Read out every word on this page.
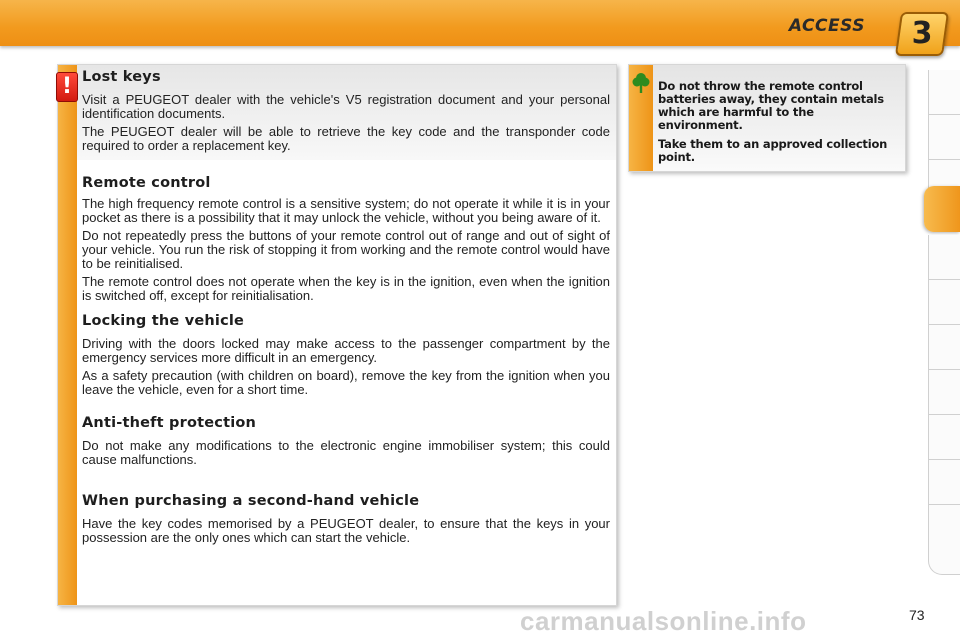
ACCESS	3
! Lost keys

Visit a PEUGEOT dealer with the vehicle's V5 registration document and your personal identification documents.

The PEUGEOT dealer will be able to retrieve the key code and the transponder code required to order a replacement key.

Remote control

The high frequency remote control is a sensitive system; do not operate it while it is in your pocket as there is a possibility that it may unlock the vehicle, without you being aware of it.

Do not repeatedly press the buttons of your remote control out of range and out of sight of your vehicle. You run the risk of stopping it from working and the remote control would have to be reinitialised.

The remote control does not operate when the key is in the ignition, even when the ignition is switched off, except for reinitialisation.

Locking the vehicle

Driving with the doors locked may make access to the passenger compartment by the emergency services more difficult in an emergency.

As a safety precaution (with children on board), remove the key from the ignition when you leave the vehicle, even for a short time.

Anti-theft protection

Do not make any modifications to the electronic engine immobiliser system; this could cause malfunctions.

When purchasing a second-hand vehicle

Have the key codes memorised by a PEUGEOT dealer, to ensure that the keys in your possession are the only ones which can start the vehicle.

Do not throw the remote control batteries away, they contain metals which are harmful to the environment.

Take them to an approved collection point.

carmanualsonline.info	73
